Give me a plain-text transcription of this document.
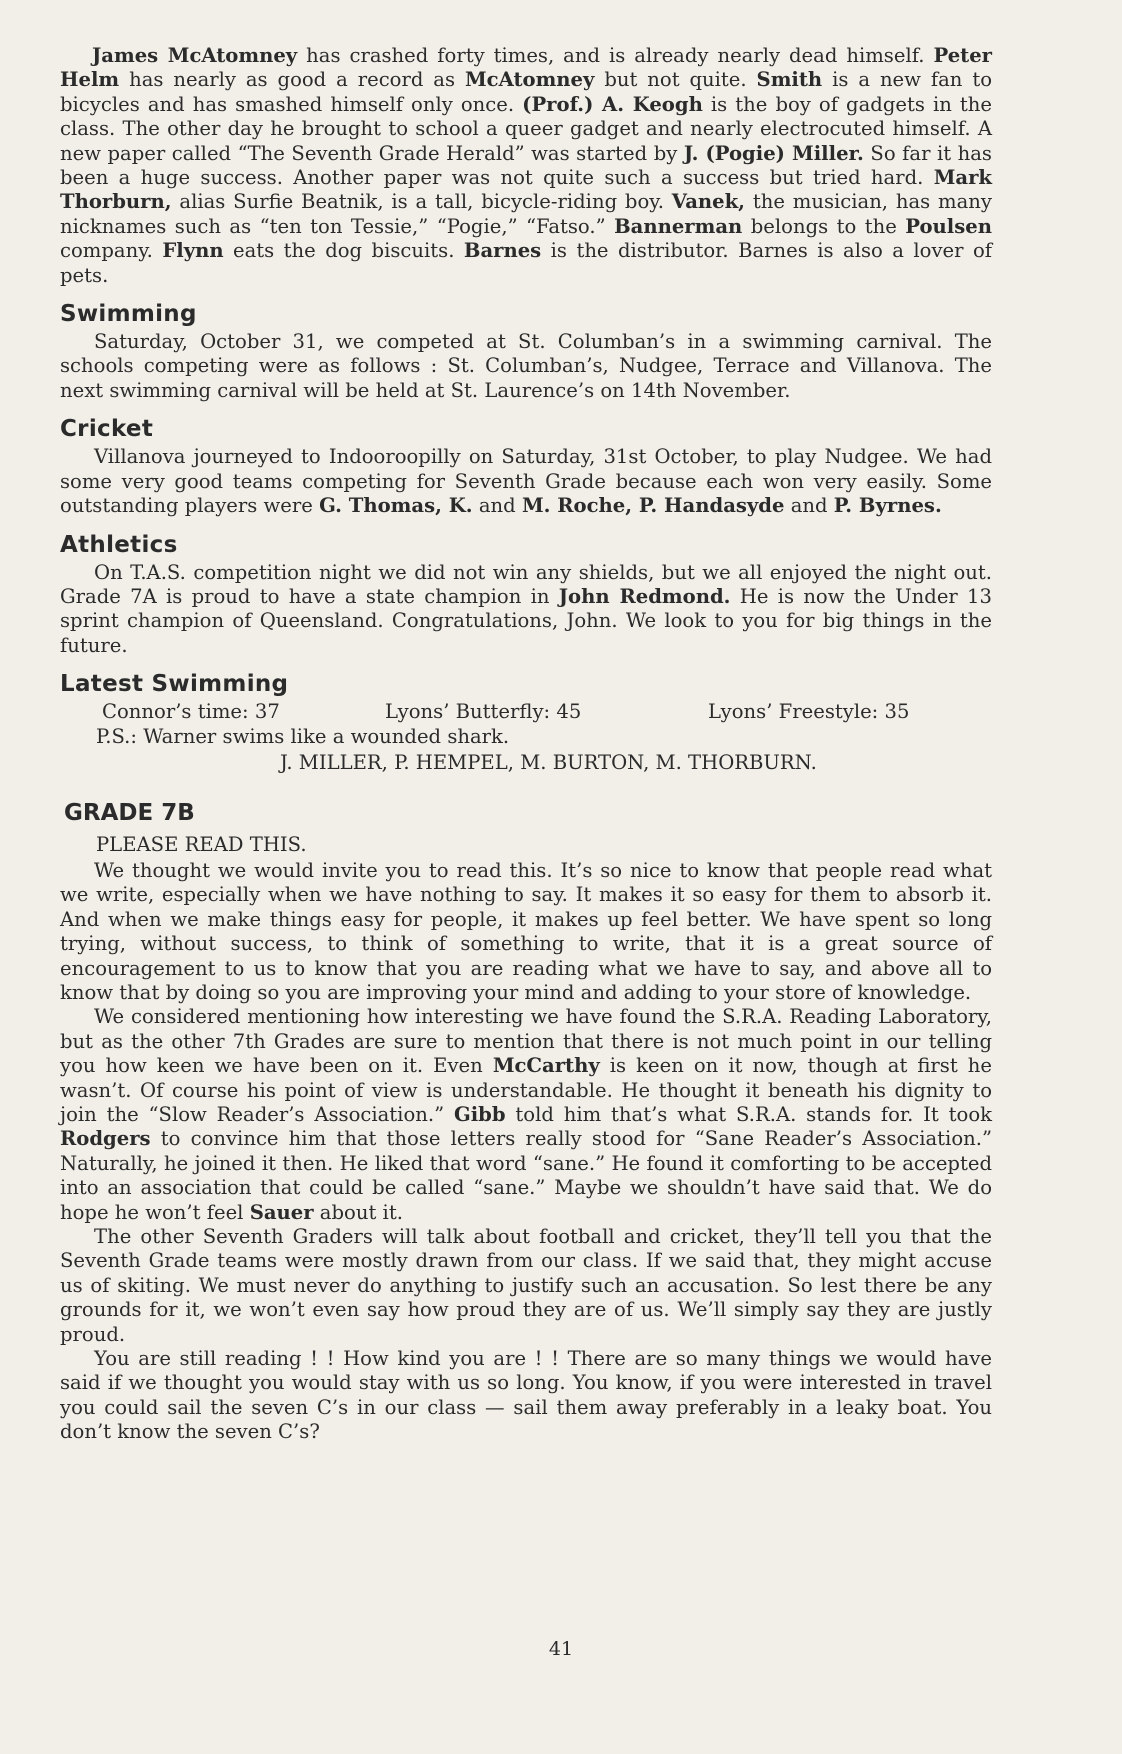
James McAtomney has crashed forty times, and is already nearly dead himself. Peter Helm has nearly as good a record as McAtomney but not quite. Smith is a new fan to bicycles and has smashed himself only once. (Prof.) A. Keogh is the boy of gadgets in the class. The other day he brought to school a queer gadget and nearly electrocuted himself. A new paper called “The Seventh Grade Herald” was started by J. (Pogie) Miller. So far it has been a huge success. Another paper was not quite such a success but tried hard. Mark Thorburn, alias Surfie Beatnik, is a tall, bicycle-riding boy. Vanek, the musician, has many nicknames such as “ten ton Tessie,” “Pogie,” “Fatso.” Bannerman belongs to the Poulsen company. Flynn eats the dog biscuits. Barnes is the distributor. Barnes is also a lover of pets.

Swimming

Saturday, October 31, we competed at St. Columban’s in a swimming carnival. The schools competing were as follows : St. Columban’s, Nudgee, Terrace and Villanova. The next swimming carnival will be held at St. Laurence’s on 14th November.

Cricket

Villanova journeyed to Indooroopilly on Saturday, 31st October, to play Nudgee. We had some very good teams competing for Seventh Grade because each won very easily. Some outstanding players were G. Thomas, K. and M. Roche, P. Handasyde and P. Byrnes.

Athletics

On T.A.S. competition night we did not win any shields, but we all enjoyed the night out. Grade 7A is proud to have a state champion in John Redmond. He is now the Under 13 sprint champion of Queensland. Congratulations, John. We look to you for big things in the future.

Latest Swimming
Connor’s time: 37	Lyons’ Butterfly: 45	Lyons’ Freestyle: 35
P.S.: Warner swims like a wounded shark.
J. MILLER, P. HEMPEL, M. BURTON, M. THORBURN.
GRADE 7B
PLEASE READ THIS.

We thought we would invite you to read this. It’s so nice to know that people read what we write, especially when we have nothing to say. It makes it so easy for them to absorb it. And when we make things easy for people, it makes up feel better. We have spent so long trying, without success, to think of something to write, that it is a great source of encouragement to us to know that you are reading what we have to say, and above all to know that by doing so you are improving your mind and adding to your store of knowledge.

We considered mentioning how interesting we have found the S.R.A. Reading Laboratory, but as the other 7th Grades are sure to mention that there is not much point in our telling you how keen we have been on it. Even McCarthy is keen on it now, though at first he wasn’t. Of course his point of view is understandable. He thought it beneath his dignity to join the “Slow Reader’s Association.” Gibb told him that’s what S.R.A. stands for. It took Rodgers to convince him that those letters really stood for “Sane Reader’s Association.” Naturally, he joined it then. He liked that word “sane.” He found it comforting to be accepted into an association that could be called “sane.” Maybe we shouldn’t have said that. We do hope he won’t feel Sauer about it.

The other Seventh Graders will talk about football and cricket, they’ll tell you that the Seventh Grade teams were mostly drawn from our class. If we said that, they might accuse us of skiting. We must never do anything to justify such an accusation. So lest there be any grounds for it, we won’t even say how proud they are of us. We’ll simply say they are justly proud.

You are still reading ! ! How kind you are ! ! There are so many things we would have said if we thought you would stay with us so long. You know, if you were interested in travel you could sail the seven C’s in our class — sail them away preferably in a leaky boat. You don’t know the seven C’s?

41
